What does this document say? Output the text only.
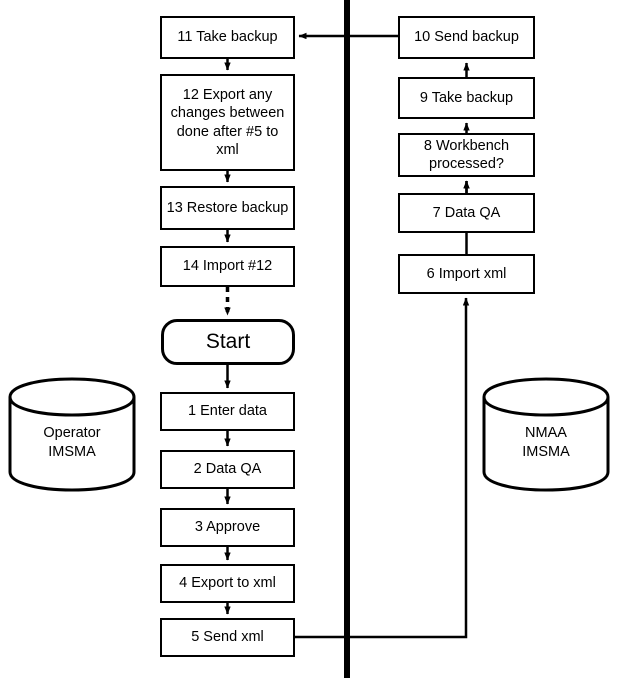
11 Take backup
12 Export any changes between done after #5 to xml
13 Restore backup
14 Import #12
Start
1 Enter data
2 Data QA
3 Approve
4 Export to xml
5 Send xml
10 Send backup
9 Take backup
8 Workbench processed?
7 Data QA
6 Import xml
Operator
IMSMA
NMAA
IMSMA
